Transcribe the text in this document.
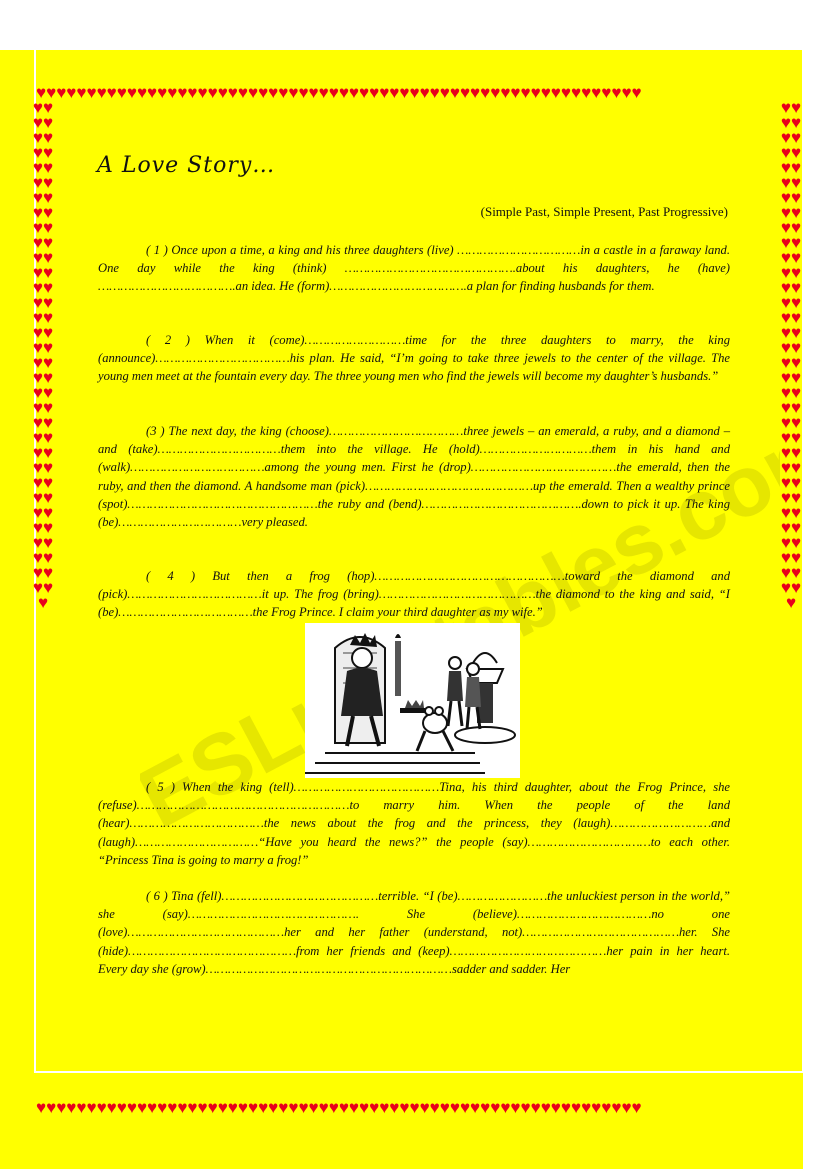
♥♥♥♥♥♥♥♥♥♥♥♥♥♥♥♥♥♥♥♥♥♥♥♥♥♥♥♥♥♥♥♥♥♥♥♥♥♥♥♥♥♥♥♥♥♥♥♥♥♥♥♥♥♥♥♥♥♥♥♥
♥♥♥♥♥♥♥♥♥♥♥♥♥♥♥♥♥♥♥♥♥♥♥♥♥♥♥♥♥♥♥♥♥♥♥♥♥♥♥♥♥♥♥♥♥♥♥♥♥♥♥♥♥♥♥♥♥♥♥♥
♥♥♥♥♥♥♥♥♥♥♥♥♥♥♥♥♥♥♥♥♥♥♥♥♥♥♥♥♥♥♥♥♥♥♥♥♥♥♥♥♥♥♥♥♥♥♥♥♥♥♥♥♥♥♥♥♥♥♥♥♥♥♥♥♥♥♥
♥♥♥♥♥♥♥♥♥♥♥♥♥♥♥♥♥♥♥♥♥♥♥♥♥♥♥♥♥♥♥♥♥♥♥♥♥♥♥♥♥♥♥♥♥♥♥♥♥♥♥♥♥♥♥♥♥♥♥♥♥♥♥♥♥♥♥
A Love Story…
(Simple Past, Simple Present, Past Progressive)
( 1 ) Once upon a time, a king and his three daughters (live) ……………………………in a castle in a faraway land. One day while the king (think) ……………………………………….about his daughters, he (have) ……………………………….an idea. He (form)……………………………….a plan for finding husbands for them.
( 2 ) When it (come)………………………time for the three daughters to marry, the king (announce)………………………………his plan. He said, “I’m going to take three jewels to the center of the village. The young men meet at the fountain every day. The three young men who find the jewels will become my daughter’s husbands.”
(3 ) The next day, the king (choose)………………………………three jewels – an emerald, a ruby, and a diamond – and (take)……………………………them into the village. He (hold)…………………………them in his hand and (walk)………………………………among the young men. First he (drop)…………………………………the emerald, then the ruby, and then the diamond. A handsome man (pick)………………………………………up the emerald. Then a wealthy prince (spot)……………………………………………the ruby and (bend)…………………………………….down to pick it up. The king (be)……………………………very pleased.
( 4 ) But then a frog (hop)……………………………………………toward the diamond and (pick)………………………………it up. The frog (bring)……………………………………the diamond to the king and said, “I (be)………………………………the Frog Prince. I claim your third daughter as my wife.”
( 5 ) When the king (tell)…………………………………Tina, his third daughter, about the Frog Prince, she (refuse)…………………………………………………to marry him. When the people of the land (hear)………………………………the news about the frog and the princess, they (laugh)………………………and (laugh)……………………………“Have you heard the news?” the people (say)……………………………to each other. “Princess Tina is going to marry a frog!”
( 6 ) Tina (fell)……………………………………terrible. “I (be)……………………the unluckiest person in the world,” she (say)………………………………………. She (believe)………………………………no one (love)……………………………………her and her father (understand, not)……………………………………her. She (hide)………………………………………from her friends and (keep)……………………………………her pain in her heart. Every day she (grow)…………………………………………………………sadder and sadder. Her
